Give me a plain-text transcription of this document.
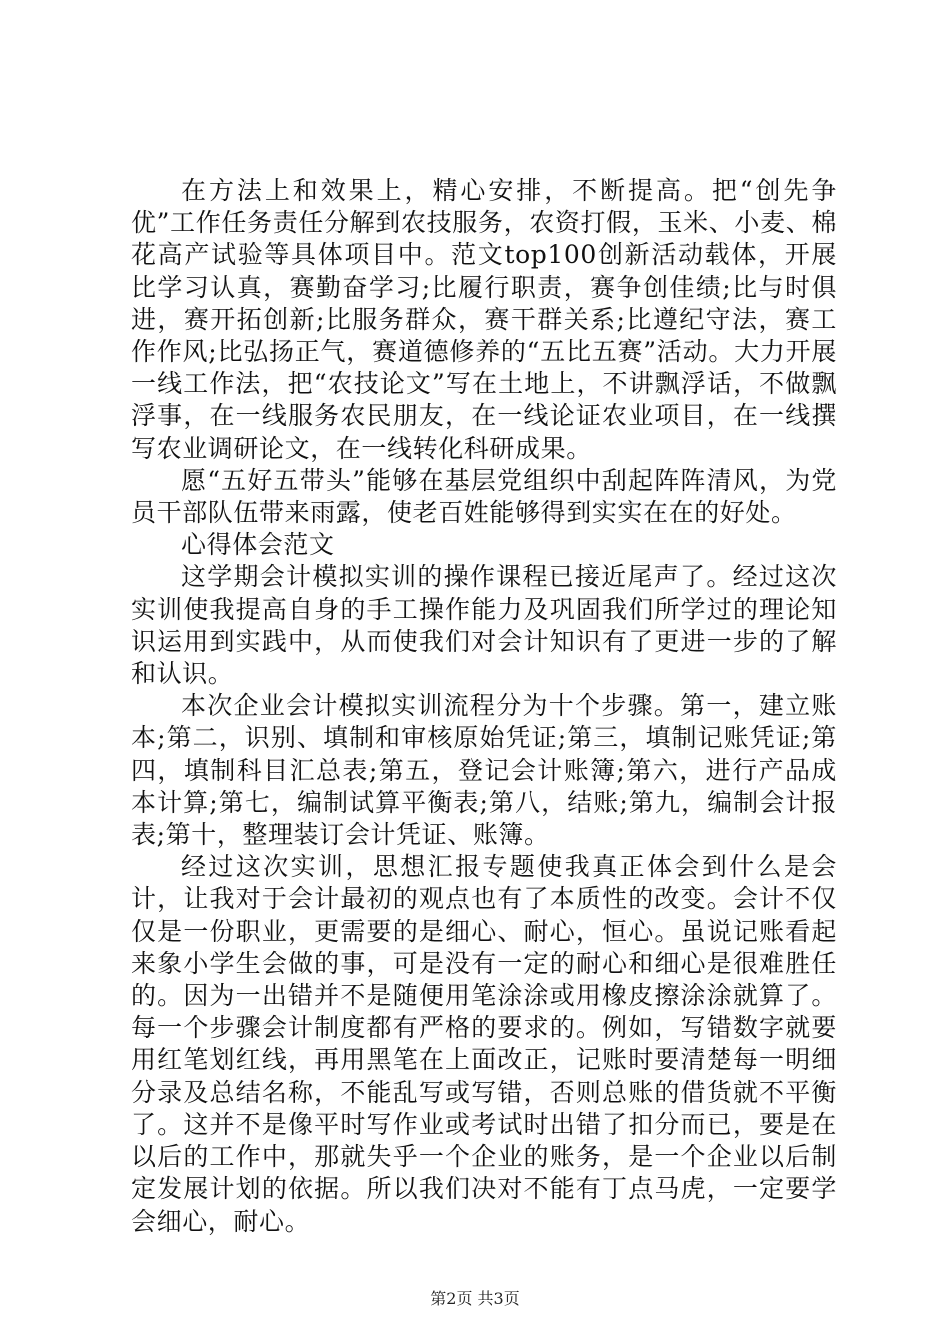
在方法上和效果上，精心安排，不断提高。把“创先争优”工作任务责任分解到农技服务，农资打假，玉米、小麦、棉花高产试验等具体项目中。范文top100创新活动载体，开展比学习认真，赛勤奋学习;比履行职责，赛争创佳绩;比与时俱进，赛开拓创新;比服务群众，赛干群关系;比遵纪守法，赛工作作风;比弘扬正气，赛道德修养的“五比五赛”活动。大力开展一线工作法，把“农技论文”写在土地上，不讲飘浮话，不做飘浮事，在一线服务农民朋友，在一线论证农业项目，在一线撰写农业调研论文，在一线转化科研成果。

愿“五好五带头”能够在基层党组织中刮起阵阵清风，为党员干部队伍带来雨露，使老百姓能够得到实实在在的好处。

心得体会范文

这学期会计模拟实训的操作课程已接近尾声了。经过这次实训使我提高自身的手工操作能力及巩固我们所学过的理论知识运用到实践中，从而使我们对会计知识有了更进一步的了解和认识。

本次企业会计模拟实训流程分为十个步骤。第一，建立账本;第二，识别、填制和审核原始凭证;第三，填制记账凭证;第四，填制科目汇总表;第五，登记会计账簿;第六，进行产品成本计算;第七，编制试算平衡表;第八，结账;第九，编制会计报表;第十，整理装订会计凭证、账簿。

经过这次实训，思想汇报专题使我真正体会到什么是会计，让我对于会计最初的观点也有了本质性的改变。会计不仅仅是一份职业，更需要的是细心、耐心，恒心。虽说记账看起来象小学生会做的事，可是没有一定的耐心和细心是很难胜任的。因为一出错并不是随便用笔涂涂或用橡皮擦涂涂就算了。每一个步骤会计制度都有严格的要求的。例如，写错数字就要用红笔划红线，再用黑笔在上面改正，记账时要清楚每一明细分录及总结名称，不能乱写或写错，否则总账的借货就不平衡了。这并不是像平时写作业或考试时出错了扣分而已，要是在以后的工作中，那就失乎一个企业的账务，是一个企业以后制定发展计划的依据。所以我们决对不能有丁点马虎，一定要学会细心，耐心。

第2页 共3页
